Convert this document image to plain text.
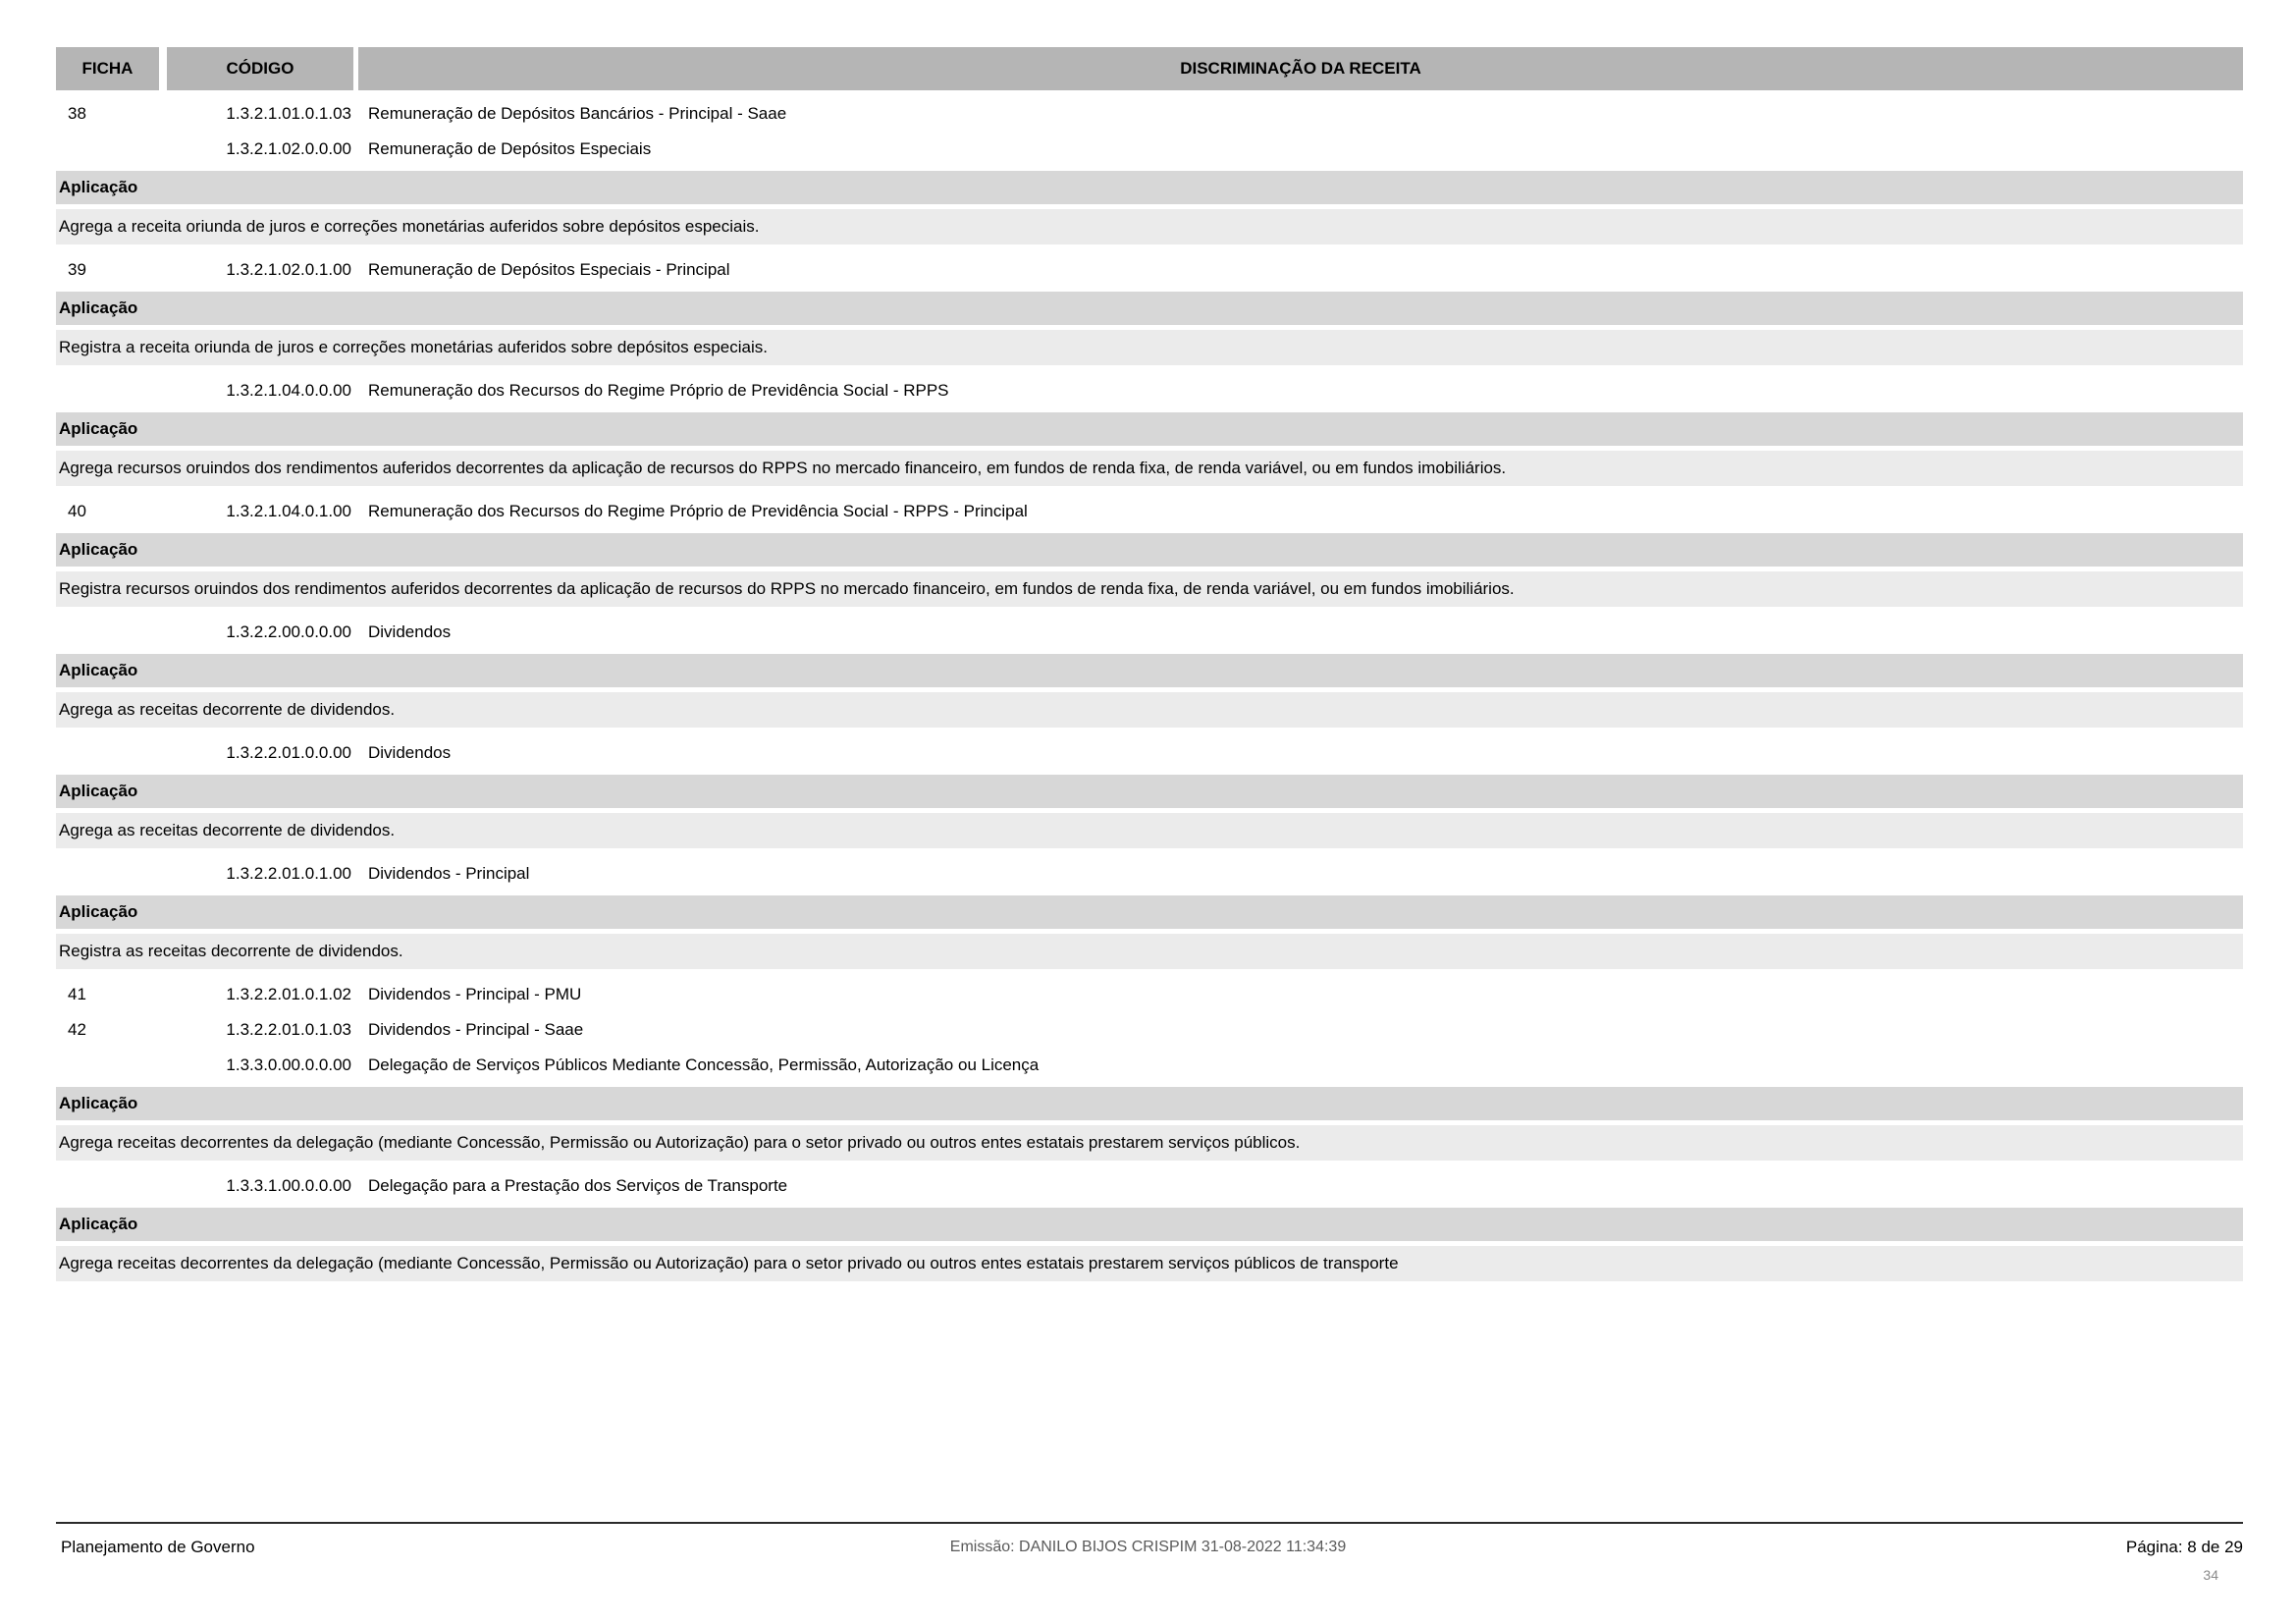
FICHA	CÓDIGO	DISCRIMINAÇÃO DA RECEITA
38	1.3.2.1.01.0.1.03	Remuneração de Depósitos Bancários - Principal - Saae
1.3.2.1.02.0.0.00	Remuneração de Depósitos Especiais
Aplicação
Agrega a receita oriunda de juros e correções monetárias auferidos sobre depósitos especiais.
39	1.3.2.1.02.0.1.00	Remuneração de Depósitos Especiais - Principal
Aplicação
Registra a receita oriunda de juros e correções monetárias auferidos sobre depósitos especiais.
1.3.2.1.04.0.0.00	Remuneração dos Recursos do Regime Próprio de Previdência Social - RPPS
Aplicação
Agrega recursos oruindos dos rendimentos auferidos decorrentes da aplicação de recursos do RPPS no mercado financeiro, em fundos de renda fixa, de renda variável, ou em fundos imobiliários.
40	1.3.2.1.04.0.1.00	Remuneração dos Recursos do Regime Próprio de Previdência Social - RPPS - Principal
Aplicação
Registra recursos oruindos dos rendimentos auferidos decorrentes da aplicação de recursos do RPPS no mercado financeiro, em fundos de renda fixa, de renda variável, ou em fundos imobiliários.
1.3.2.2.00.0.0.00	Dividendos
Aplicação
Agrega as receitas decorrente de dividendos.
1.3.2.2.01.0.0.00	Dividendos
Aplicação
Agrega as receitas decorrente de dividendos.
1.3.2.2.01.0.1.00	Dividendos - Principal
Aplicação
Registra as receitas decorrente de dividendos.
41	1.3.2.2.01.0.1.02	Dividendos - Principal - PMU
42	1.3.2.2.01.0.1.03	Dividendos - Principal - Saae
1.3.3.0.00.0.0.00	Delegação de Serviços Públicos Mediante Concessão, Permissão, Autorização ou Licença
Aplicação
Agrega receitas decorrentes da delegação (mediante Concessão, Permissão ou Autorização) para o setor privado ou outros entes estatais prestarem serviços públicos.
1.3.3.1.00.0.0.00	Delegação para a Prestação dos Serviços de Transporte
Aplicação
Agrega receitas decorrentes da delegação (mediante Concessão, Permissão ou Autorização) para o setor privado ou outros entes estatais prestarem serviços públicos de transporte
Planejamento de Governo	Emissão: DANILO BIJOS CRISPIM 31-08-2022 11:34:39	Página: 8 de 29
34
